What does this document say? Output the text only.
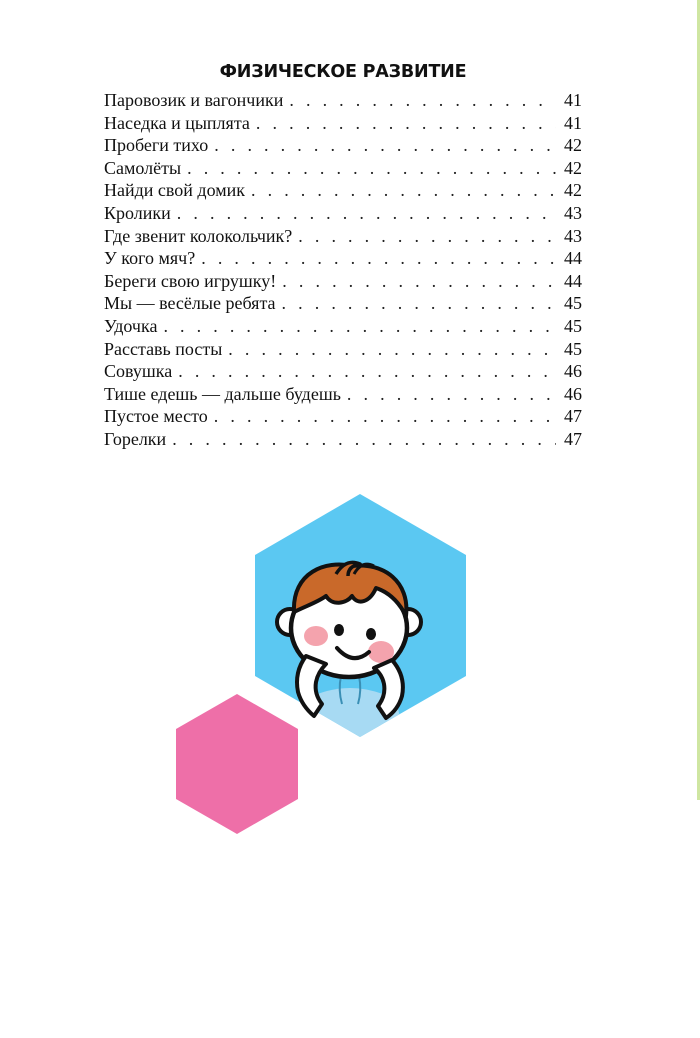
ФИЗИЧЕСКОЕ РАЗВИТИЕ
Паровозик и вагончики . . .	41
Наседка и цыплята . . .	41
Пробеги тихо . . .	42
Самолёты . . .	42
Найди свой домик . . .	42
Кролики . . .	43
Где звенит колокольчик? . . .	43
У кого мяч? . . .	44
Береги свою игрушку! . . .	44
Мы — весёлые ребята . . .	45
Удочка . . .	45
Расставь посты . . .	45
Совушка . . .	46
Тише едешь — дальше будешь . . .	46
Пустое место . . .	47
Горелки . . .	47
